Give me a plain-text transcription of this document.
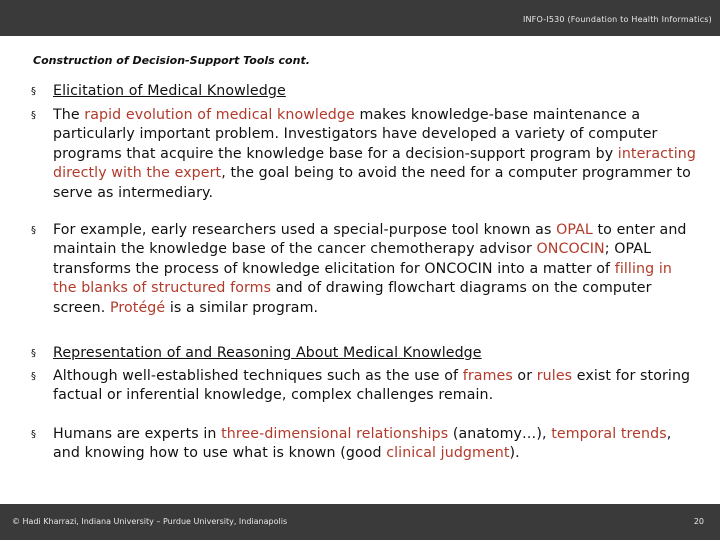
INFO-I530 (Foundation to Health Informatics)
Construction of Decision-Support Tools cont.
§ Elicitation of Medical Knowledge
§ The rapid evolution of medical knowledge makes knowledge-base maintenance a particularly important problem. Investigators have developed a variety of computer programs that acquire the knowledge base for a decision-support program by interacting directly with the expert, the goal being to avoid the need for a computer programmer to serve as intermediary.
§ For example, early researchers used a special-purpose tool known as OPAL to enter and maintain the knowledge base of the cancer chemotherapy advisor ONCOCIN; OPAL transforms the process of knowledge elicitation for ONCOCIN into a matter of filling in the blanks of structured forms and of drawing flowchart diagrams on the computer screen. Protégé is a similar program.
§ Representation of and Reasoning About Medical Knowledge
§ Although well-established techniques such as the use of frames or rules exist for storing factual or inferential knowledge, complex challenges remain.
§ Humans are experts in three-dimensional relationships (anatomy…), temporal trends, and knowing how to use what is known (good clinical judgment).
© Hadi Kharrazi, Indiana University – Purdue University, Indianapolis	20
